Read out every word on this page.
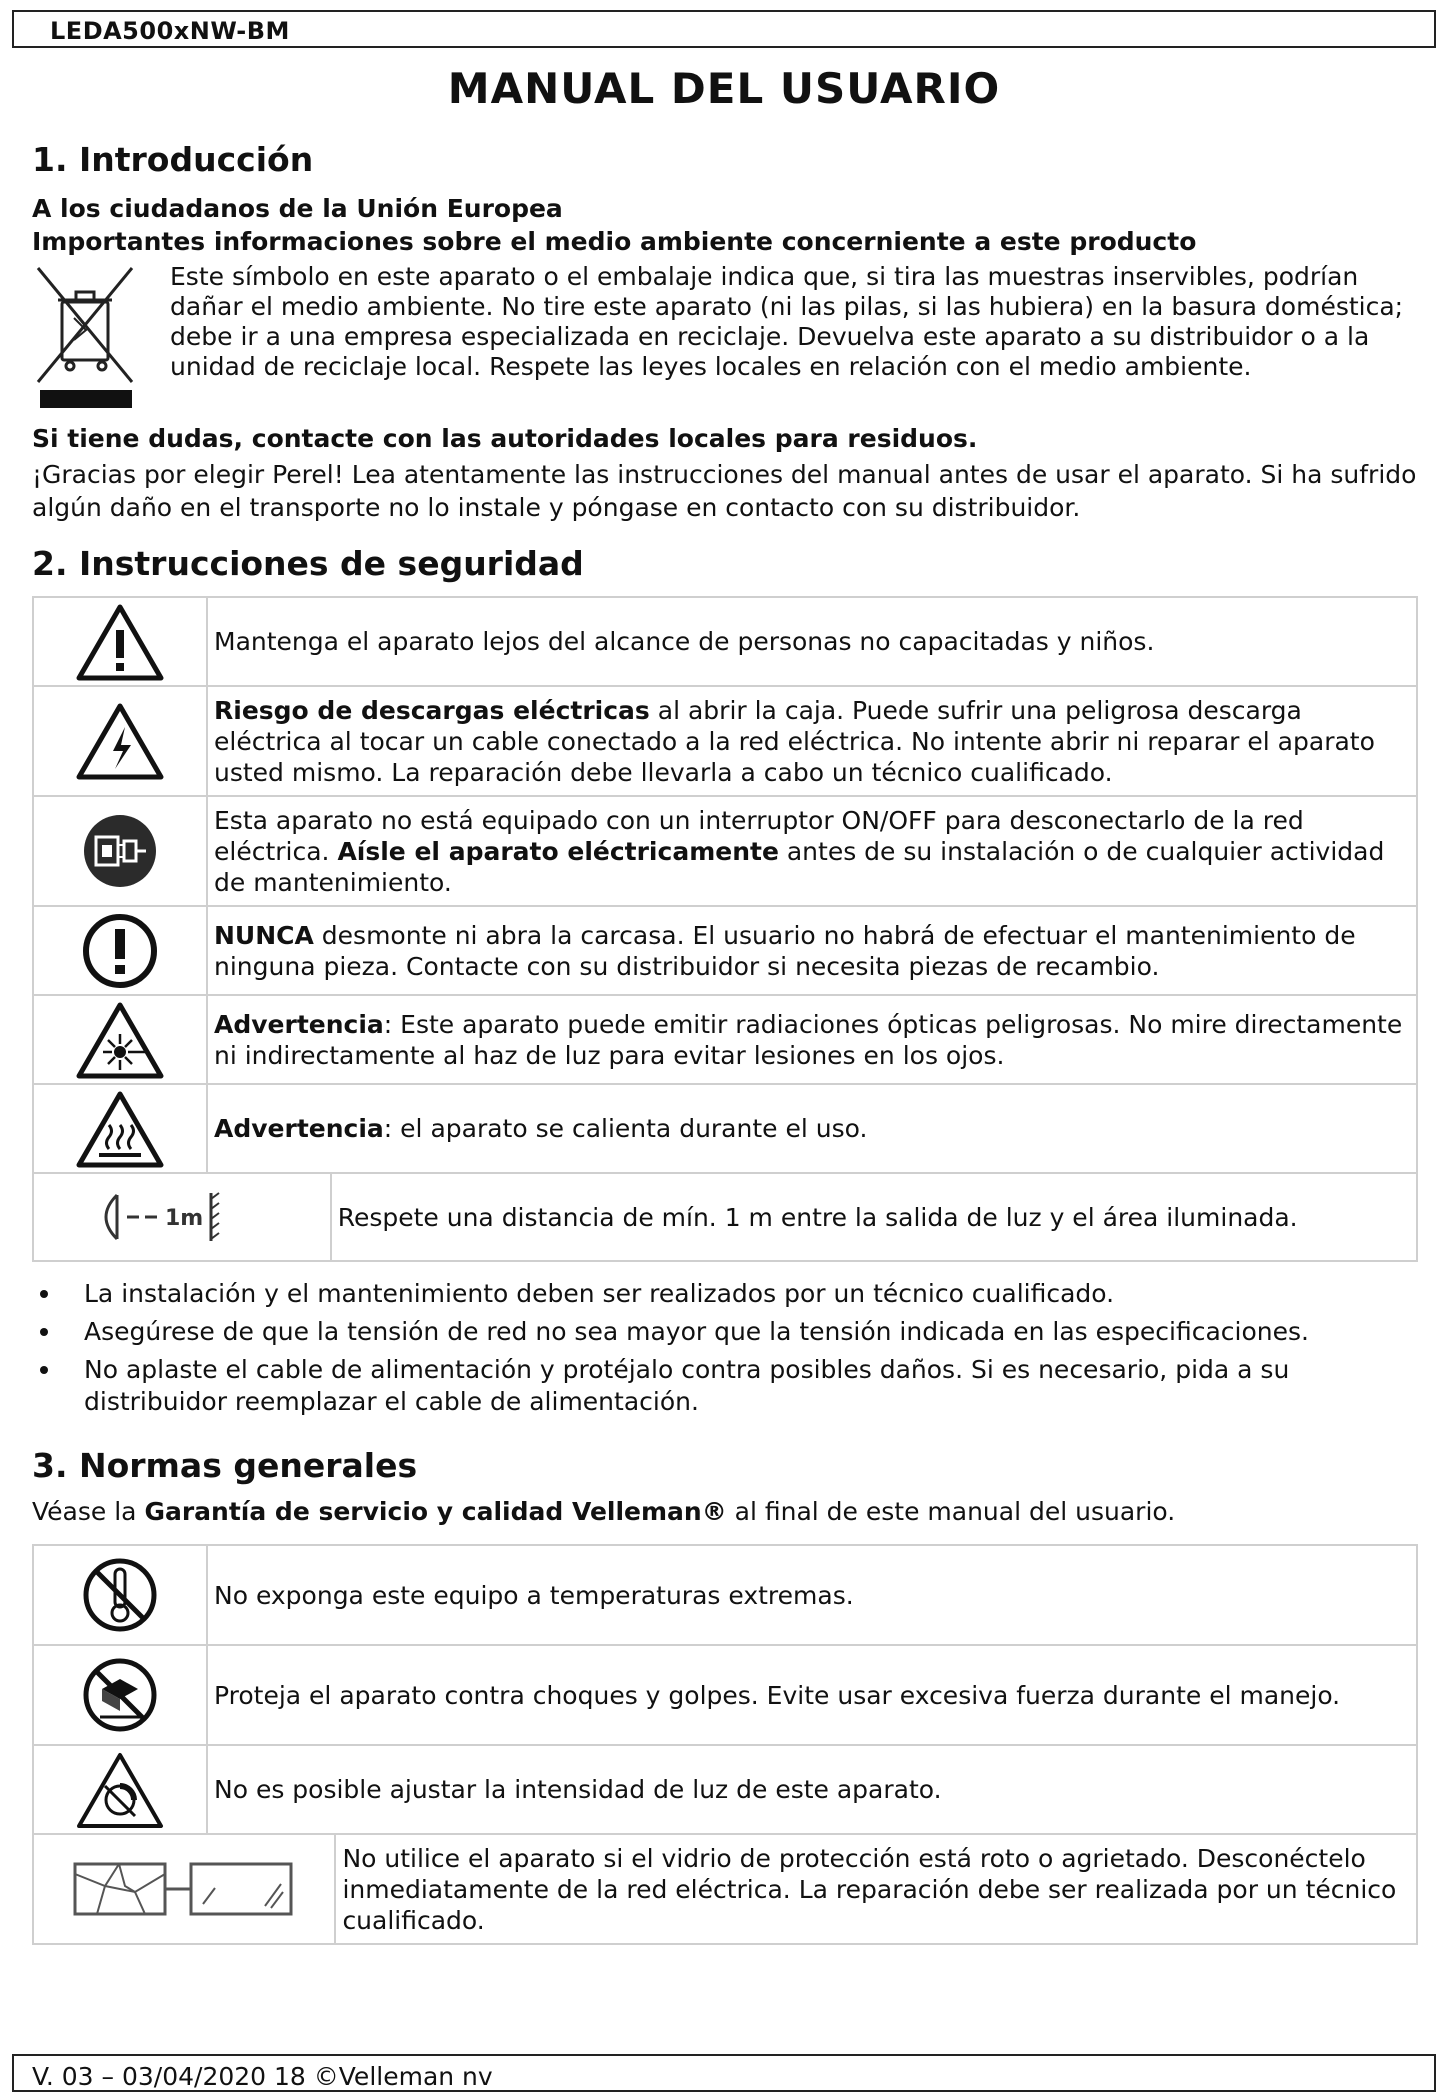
LEDA500xNW-BM
MANUAL DEL USUARIO
1. Introducción
A los ciudadanos de la Unión Europea
Importantes informaciones sobre el medio ambiente concerniente a este producto
Este símbolo en este aparato o el embalaje indica que, si tira las muestras inservibles, podrían dañar el medio ambiente. No tire este aparato (ni las pilas, si las hubiera) en la basura doméstica; debe ir a una empresa especializada en reciclaje. Devuelva este aparato a su distribuidor o a la unidad de reciclaje local. Respete las leyes locales en relación con el medio ambiente.
Si tiene dudas, contacte con las autoridades locales para residuos.
¡Gracias por elegir Perel! Lea atentamente las instrucciones del manual antes de usar el aparato. Si ha sufrido algún daño en el transporte no lo instale y póngase en contacto con su distribuidor.
2. Instrucciones de seguridad
	Mantenga el aparato lejos del alcance de personas no capacitadas y niños.	

	Riesgo de descargas eléctricas al abrir la caja. Puede sufrir una peligrosa descarga eléctrica al tocar un cable conectado a la red eléctrica. No intente abrir ni reparar el aparato usted mismo. La reparación debe llevarla a cabo un técnico cualificado.	

	Esta aparato no está equipado con un interruptor ON/OFF para desconectarlo de la red eléctrica. Aísle el aparato eléctricamente antes de su instalación o de cualquier actividad de mantenimiento.	

	NUNCA desmonte ni abra la carcasa. El usuario no habrá de efectuar el mantenimiento de ninguna pieza. Contacte con su distribuidor si necesita piezas de recambio.	

	Advertencia: Este aparato puede emitir radiaciones ópticas peligrosas. No mire directamente ni indirectamente al haz de luz para evitar lesiones en los ojos.	

	Advertencia: el aparato se calienta durante el uso.	

1m		Respete una distancia de mín. 1 m entre la salida de luz y el área iluminada.
La instalación y el mantenimiento deben ser realizados por un técnico cualificado.
Asegúrese de que la tensión de red no sea mayor que la tensión indicada en las especificaciones.
No aplaste el cable de alimentación y protéjalo contra posibles daños. Si es necesario, pida a su distribuidor reemplazar el cable de alimentación.
3. Normas generales
Véase la Garantía de servicio y calidad Velleman® al final de este manual del usuario.
	No exponga este equipo a temperaturas extremas.	

	Proteja el aparato contra choques y golpes. Evite usar excesiva fuerza durante el manejo.	

	No es posible ajustar la intensidad de luz de este aparato.	

	No utilice el aparato si el vidrio de protección está roto o agrietado. Desconéctelo inmediatamente de la red eléctrica. La reparación debe ser realizada por un técnico cualificado.
V. 03 – 03/04/2020 18 ©Velleman nv
